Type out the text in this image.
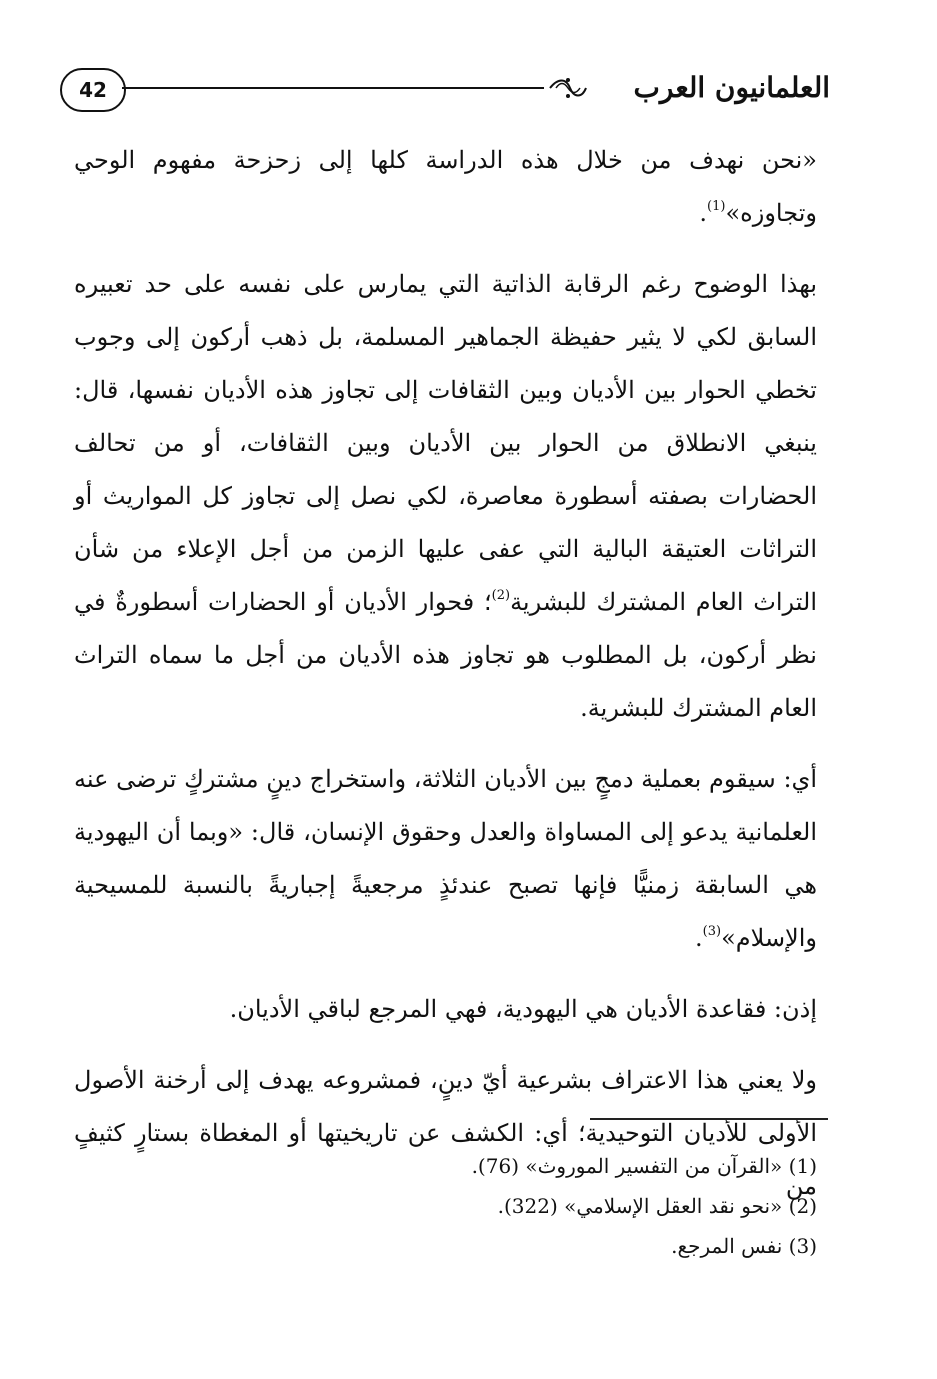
42	العلمانيون العرب

«نحن نهدف من خلال هذه الدراسة كلها إلى زحزحة مفهوم الوحي وتجاوزه»$^{(1)}$.

بهذا الوضوح رغم الرقابة الذاتية التي يمارس على نفسه على حد تعبيره السابق لكي لا يثير حفيظة الجماهير المسلمة، بل ذهب أركون إلى وجوب تخطي الحوار بين الأديان وبين الثقافات إلى تجاوز هذه الأديان نفسها، قال: ينبغي الانطلاق من الحوار بين الأديان وبين الثقافات، أو من تحالف الحضارات بصفته أسطورة معاصرة، لكي نصل إلى تجاوز كل المواريث أو التراثات العتيقة البالية التي عفى عليها الزمن من أجل الإعلاء من شأن التراث العام المشترك للبشرية$^{(2)}$؛ فحوار الأديان أو الحضارات أسطورةٌ في نظر أركون، بل المطلوب هو تجاوز هذه الأديان من أجل ما سماه التراث العام المشترك للبشرية.

أي: سيقوم بعملية دمجٍ بين الأديان الثلاثة، واستخراج دينٍ مشتركٍ ترضى عنه العلمانية يدعو إلى المساواة والعدل وحقوق الإنسان، قال: «وبما أن اليهودية هي السابقة زمنيًّا فإنها تصبح عندئذٍ مرجعيةً إجباريةً بالنسبة للمسيحية والإسلام»$^{(3)}$.

إذن: فقاعدة الأديان هي اليهودية، فهي المرجع لباقي الأديان.

ولا يعني هذا الاعتراف بشرعية أيّ دينٍ، فمشروعه يهدف إلى أرخنة الأصول الأولى للأديان التوحيدية؛ أي: الكشف عن تاريخيتها أو المغطاة بستارٍ كثيفٍ من

(1) «القرآن من التفسير الموروث» (76).

(2) «نحو نقد العقل الإسلامي» (322).

(3) نفس المرجع.
